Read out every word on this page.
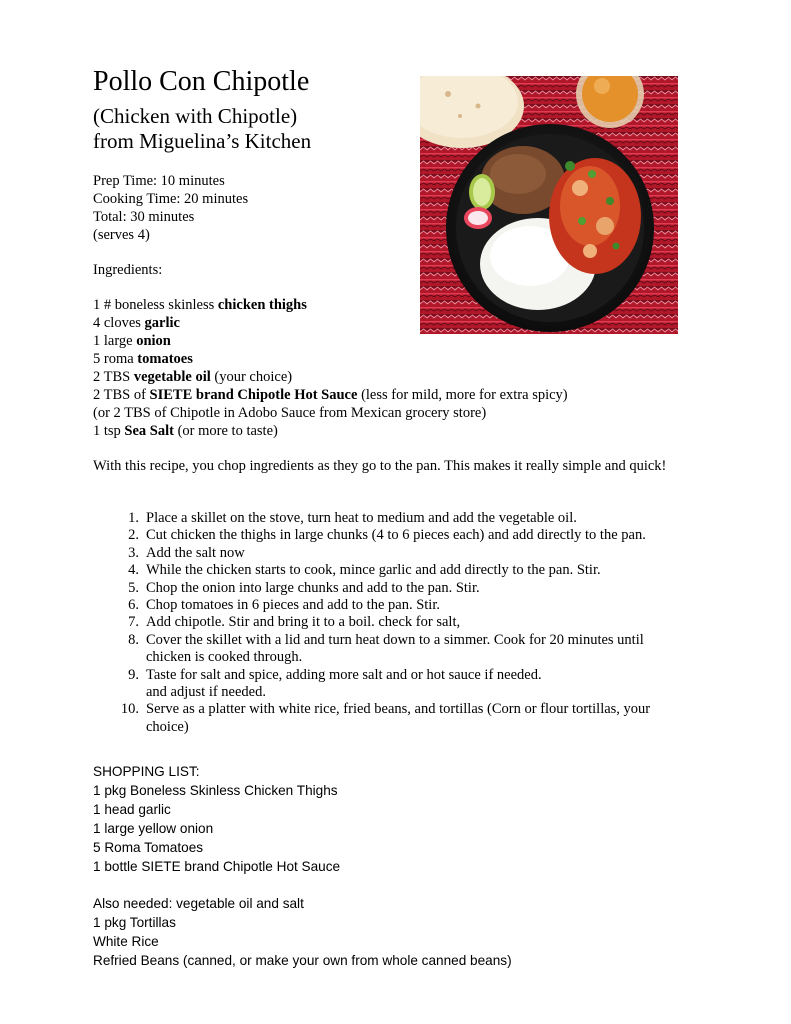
Pollo Con Chipotle
(Chicken with Chipotle)
from Miguelina’s Kitchen
Prep Time: 10 minutes
Cooking Time: 20 minutes
Total: 30 minutes
(serves 4)
Ingredients:
1 # boneless skinless chicken thighs
4 cloves garlic
1 large onion
5 roma tomatoes
2 TBS vegetable oil (your choice)
2 TBS of SIETE brand Chipotle Hot Sauce (less for mild, more for extra spicy)
(or 2 TBS of Chipotle in Adobo Sauce from Mexican grocery store)
1 tsp Sea Salt (or more to taste)
With this recipe, you chop ingredients as they go to the pan. This makes it really simple and quick!
1. Place a skillet on the stove, turn heat to medium and add the vegetable oil.
2. Cut chicken the thighs in large chunks (4 to 6 pieces each) and add directly to the pan.
3. Add the salt now
4. While the chicken starts to cook, mince garlic and add directly to the pan. Stir.
5. Chop the onion into large chunks and add to the pan. Stir.
6. Chop tomatoes in 6 pieces and add to the pan. Stir.
7. Add chipotle. Stir and bring it to a boil. check for salt,
8. Cover the skillet with a lid and turn heat down to a simmer. Cook for 20 minutes until chicken is cooked through.
9. Taste for salt and spice, adding more salt and or hot sauce if needed.
and adjust if needed.
10. Serve as a platter with white rice, fried beans, and tortillas (Corn or flour tortillas, your choice)
SHOPPING LIST:
1 pkg Boneless Skinless Chicken Thighs
1 head garlic
1 large yellow onion
5 Roma Tomatoes
1 bottle SIETE brand Chipotle Hot Sauce
Also needed: vegetable oil and salt
1 pkg Tortillas
White Rice
Refried Beans (canned, or make your own from whole canned beans)
